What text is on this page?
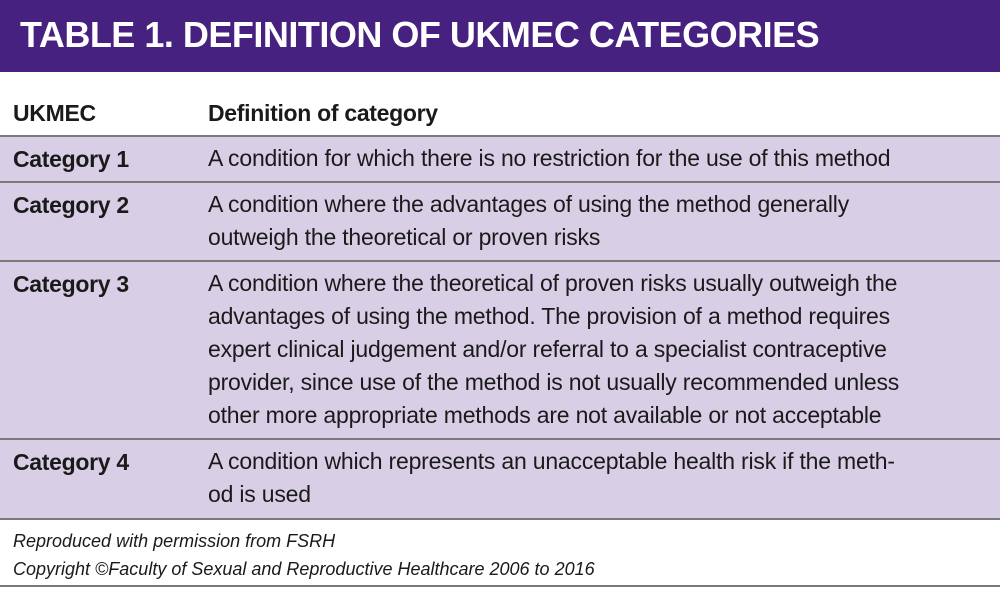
TABLE 1. DEFINITION OF UKMEC CATEGORIES
UKMEC	Definition of category
Category 1	A condition for which there is no restriction for the use of this method
Category 2	A condition where the advantages of using the method generally
outweigh the theoretical or proven risks
Category 3	A condition where the theoretical of proven risks usually outweigh the
advantages of using the method. The provision of a method requires
expert clinical judgement and/or referral to a specialist contraceptive
provider, since use of the method is not usually recommended unless
other more appropriate methods are not available or not acceptable
Category 4	A condition which represents an unacceptable health risk if the meth-
od is used
Reproduced with permission from FSRH
Copyright ©Faculty of Sexual and Reproductive Healthcare 2006 to 2016
